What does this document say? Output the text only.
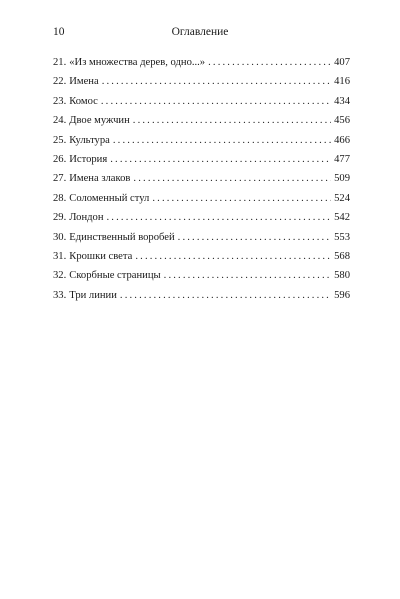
10	Оглавление
21. «Из множества дерев, одно...» . . .	407
22. Имена . . .	416
23. Комос . . .	434
24. Двое мужчин . . .	456
25. Культура . . .	466
26. История . . .	477
27. Имена злаков . . .	509
28. Соломенный стул . . .	524
29. Лондон . . .	542
30. Единственный воробей . . .	553
31. Крошки света . . .	568
32. Скорбные страницы . . .	580
33. Три линии . . .	596
